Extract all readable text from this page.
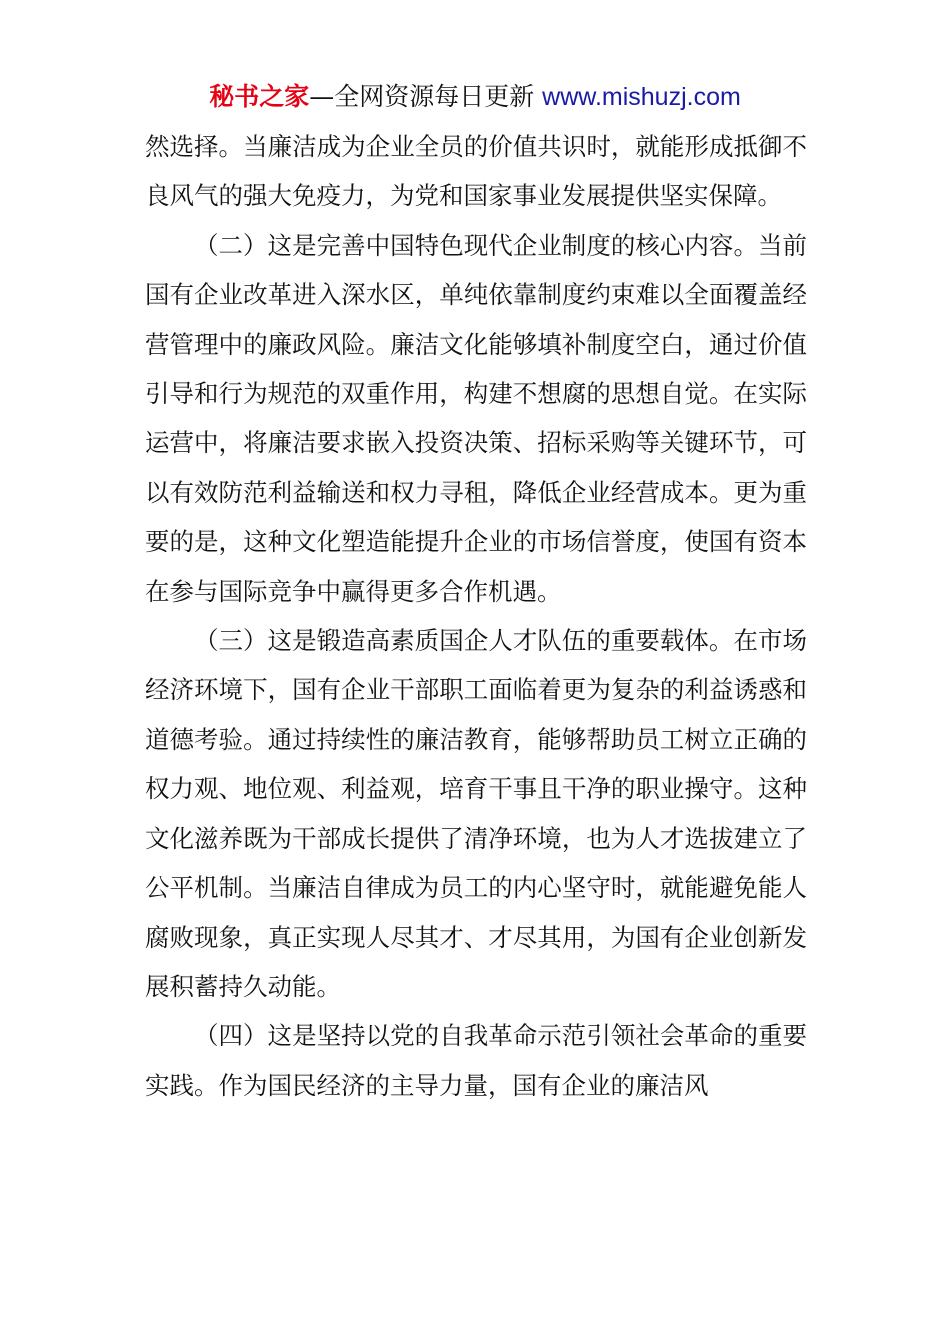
秘书之家—全网资源每日更新 www.mishuzj.com

然选择。当廉洁成为企业全员的价值共识时，就能形成抵御不良风气的强大免疫力，为党和国家事业发展提供坚实保障。

（二）这是完善中国特色现代企业制度的核心内容。当前国有企业改革进入深水区，单纯依靠制度约束难以全面覆盖经营管理中的廉政风险。廉洁文化能够填补制度空白，通过价值引导和行为规范的双重作用，构建不想腐的思想自觉。在实际运营中，将廉洁要求嵌入投资决策、招标采购等关键环节，可以有效防范利益输送和权力寻租，降低企业经营成本。更为重要的是，这种文化塑造能提升企业的市场信誉度，使国有资本在参与国际竞争中赢得更多合作机遇。

（三）这是锻造高素质国企人才队伍的重要载体。在市场经济环境下，国有企业干部职工面临着更为复杂的利益诱惑和道德考验。通过持续性的廉洁教育，能够帮助员工树立正确的权力观、地位观、利益观，培育干事且干净的职业操守。这种文化滋养既为干部成长提供了清净环境，也为人才选拔建立了公平机制。当廉洁自律成为员工的内心坚守时，就能避免能人腐败现象，真正实现人尽其才、才尽其用，为国有企业创新发展积蓄持久动能。

（四）这是坚持以党的自我革命示范引领社会革命的重要实践。作为国民经济的主导力量，国有企业的廉洁风
